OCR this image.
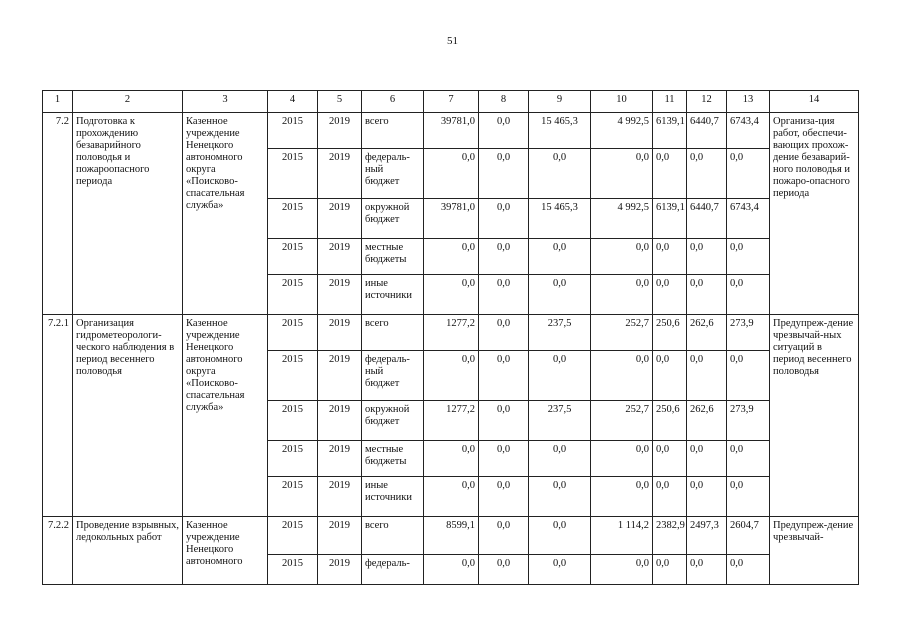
51
1	2	3	4	5	6	7	8	9	10	11	12	13	14
7.2	Подготовка к прохождению безаварийного половодья и пожароопасного периода	Казенное учреждение Ненецкого автономного округа «Поисково-спасательная служба»	2015	2019	всего	39781,0	0,0	15 465,3	4 992,5	6139,1	6440,7	6743,4	Организа-ция работ, обеспечи-вающих прохож-дение безаварий-ного половодья и пожаро-опасного периода
			2015	2019	федераль-ный бюджет	0,0	0,0	0,0	0,0	0,0	0,0	0,0	
			2015	2019	окружной бюджет	39781,0	0,0	15 465,3	4 992,5	6139,1	6440,7	6743,4	
			2015	2019	местные бюджеты	0,0	0,0	0,0	0,0	0,0	0,0	0,0	
			2015	2019	иные источники	0,0	0,0	0,0	0,0	0,0	0,0	0,0	
7.2.1	Организация гидрометеорологи-ческого наблюдения в период весеннего половодья	Казенное учреждение Ненецкого автономного округа «Поисково-спасательная служба»	2015	2019	всего	1277,2	0,0	237,5	252,7	250,6	262,6	273,9	Предупреж-дение чрезвычай-ных ситуаций в период весеннего половодья
			2015	2019	федераль-ный бюджет	0,0	0,0	0,0	0,0	0,0	0,0	0,0	
			2015	2019	окружной бюджет	1277,2	0,0	237,5	252,7	250,6	262,6	273,9	
			2015	2019	местные бюджеты	0,0	0,0	0,0	0,0	0,0	0,0	0,0	
			2015	2019	иные источники	0,0	0,0	0,0	0,0	0,0	0,0	0,0	
7.2.2	Проведение взрывных, ледокольных работ	Казенное учреждение Ненецкого автономного	2015	2019	всего	8599,1	0,0	0,0	1 114,2	2382,9	2497,3	2604,7	Предупреж-дение чрезвычай-
			2015	2019	федераль-	0,0	0,0	0,0	0,0	0,0	0,0	0,0	
